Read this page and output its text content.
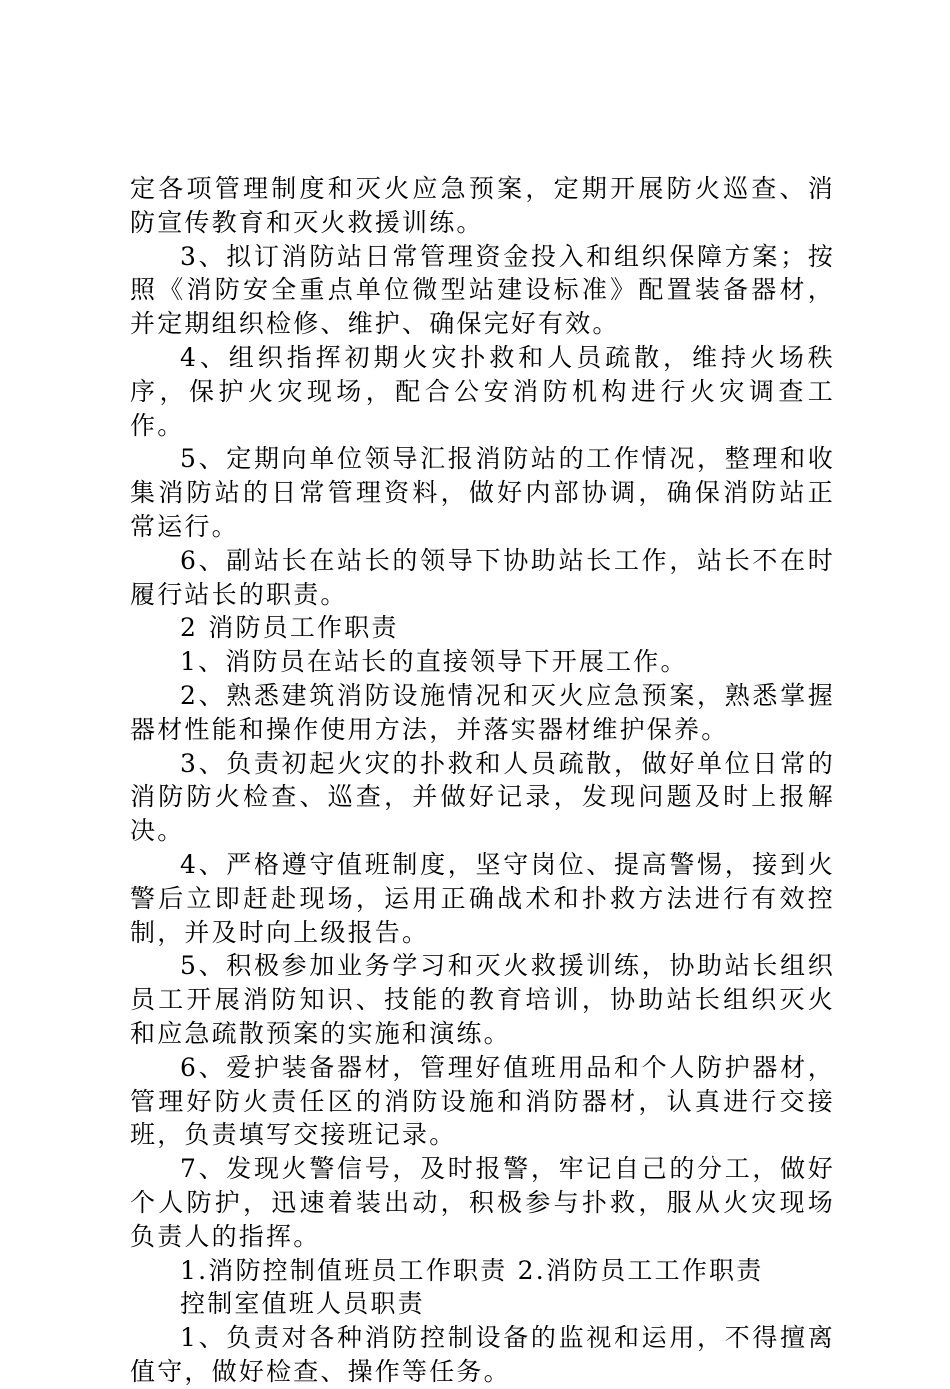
定各项管理制度和灭火应急预案，定期开展防火巡查、消防宣传教育和灭火救援训练。

3、拟订消防站日常管理资金投入和组织保障方案；按照《消防安全重点单位微型站建设标准》配置装备器材，并定期组织检修、维护、确保完好有效。

4、组织指挥初期火灾扑救和人员疏散，维持火场秩序，保护火灾现场，配合公安消防机构进行火灾调查工作。

5、定期向单位领导汇报消防站的工作情况，整理和收集消防站的日常管理资料，做好内部协调，确保消防站正常运行。

6、副站长在站长的领导下协助站长工作，站长不在时履行站长的职责。

2 消防员工作职责

1、消防员在站长的直接领导下开展工作。

2、熟悉建筑消防设施情况和灭火应急预案，熟悉掌握器材性能和操作使用方法，并落实器材维护保养。

3、负责初起火灾的扑救和人员疏散，做好单位日常的消防防火检查、巡查，并做好记录，发现问题及时上报解决。

4、严格遵守值班制度，坚守岗位、提高警惕，接到火警后立即赶赴现场，运用正确战术和扑救方法进行有效控制，并及时向上级报告。

5、积极参加业务学习和灭火救援训练，协助站长组织员工开展消防知识、技能的教育培训，协助站长组织灭火和应急疏散预案的实施和演练。

6、爱护装备器材，管理好值班用品和个人防护器材，管理好防火责任区的消防设施和消防器材，认真进行交接班，负责填写交接班记录。

7、发现火警信号，及时报警，牢记自己的分工，做好个人防护，迅速着装出动，积极参与扑救，服从火灾现场负责人的指挥。

1.消防控制值班员工作职责 2.消防员工工作职责

控制室值班人员职责

1、负责对各种消防控制设备的监视和运用，不得擅离值守，做好检查、操作等任务。
